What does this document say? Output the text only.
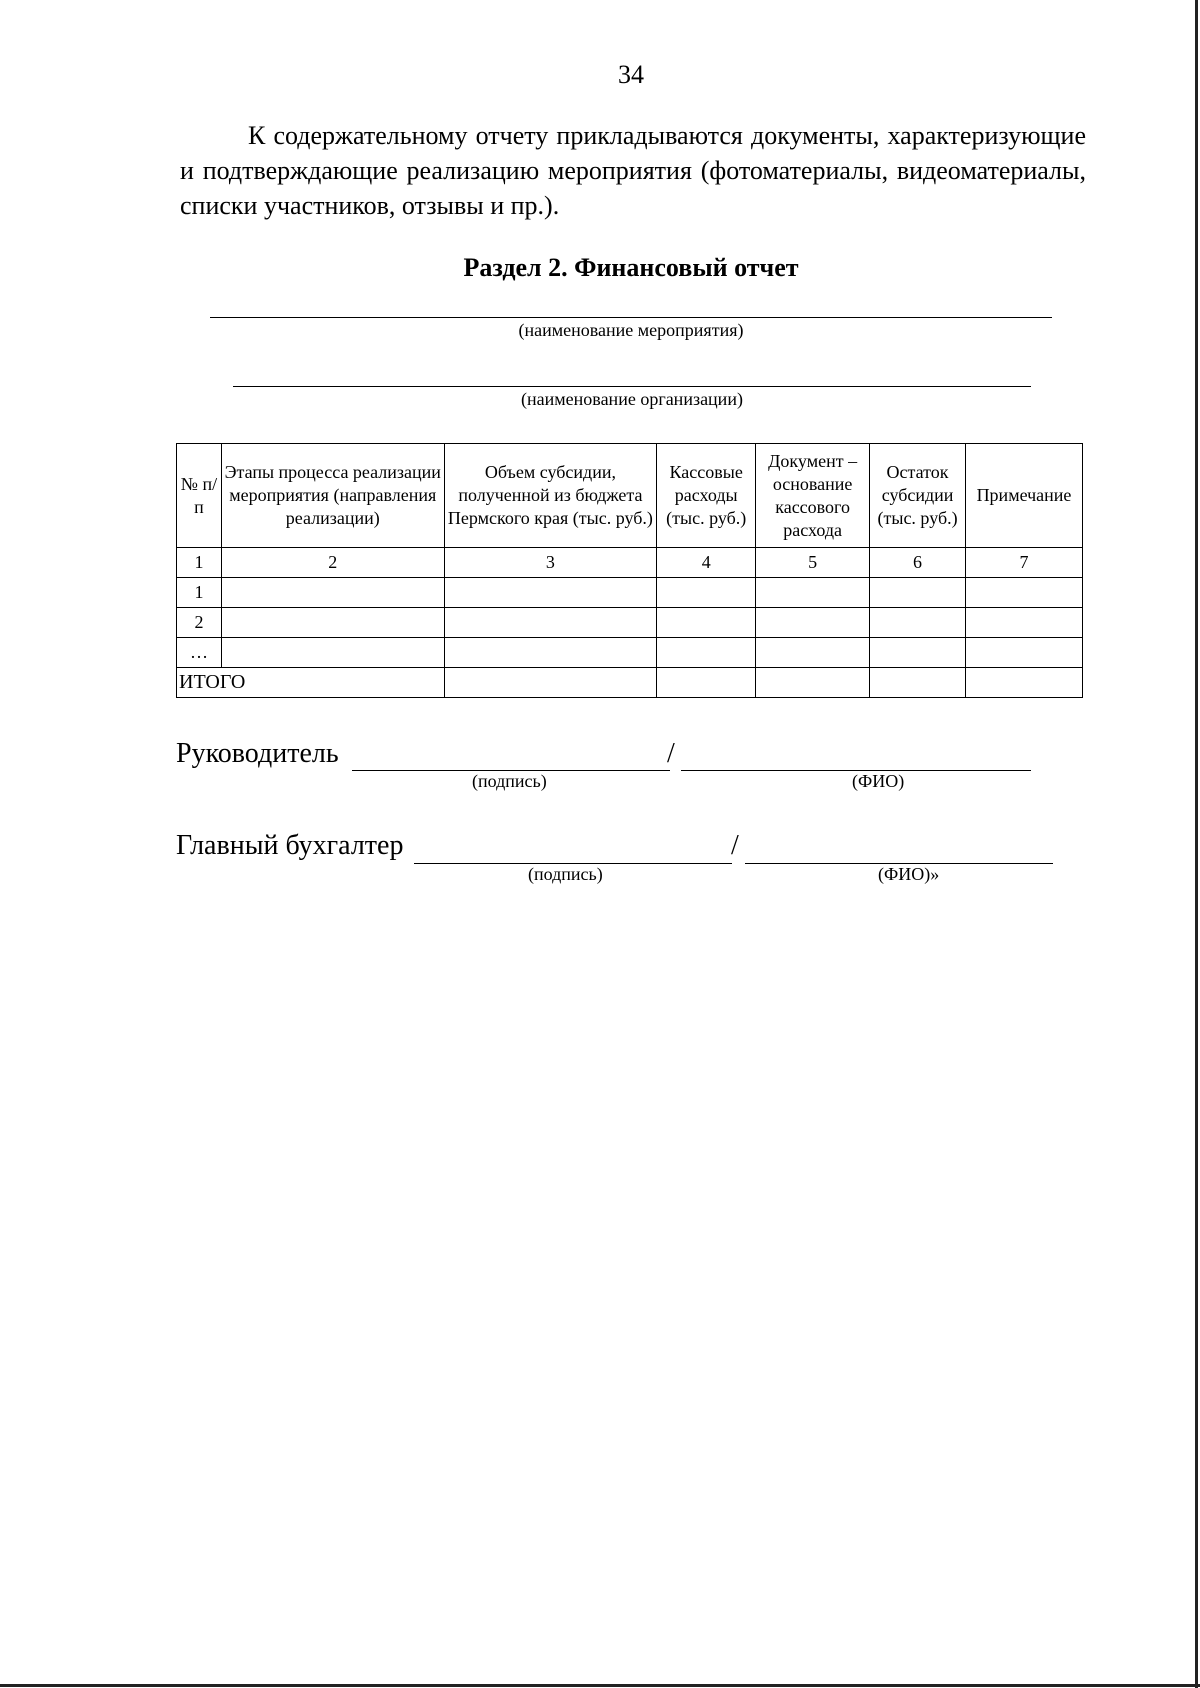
34
К содержательному отчету прикладываются документы, характеризующие и подтверждающие реализацию мероприятия (фотоматериалы, видеоматериалы, списки участников, отзывы и пр.).
Раздел 2. Финансовый отчет
(наименование мероприятия)
(наименование организации)
№ п/п	Этапы процесса реализации мероприятия (направления реализации)	Объем субсидии, полученной из бюджета Пермского края (тыс. руб.)	Кассовые расходы (тыс. руб.)	Документ – основание кассового расхода	Остаток субсидии (тыс. руб.)	Примечание
1	2	3	4	5	6	7
1						
2						
…						
ИТОГО						
Руководитель	/
(подпись)	(ФИО)
Главный бухгалтер	/
(подпись)	(ФИО)»
